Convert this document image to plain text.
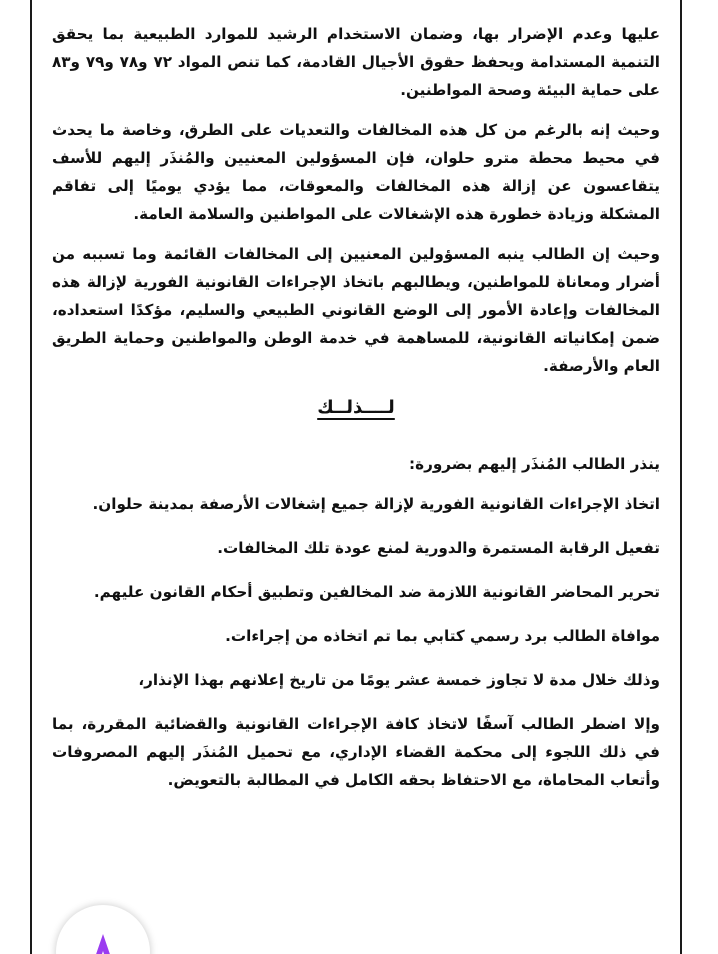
عليها وعدم الإضرار بها، وضمان الاستخدام الرشيد للموارد الطبيعية بما يحقق التنمية المستدامة ويحفظ حقوق الأجيال القادمة، كما تنص المواد ٧٢ و٧٨ و٧٩ و٨٣ على حماية البيئة وصحة المواطنين.

وحيث إنه بالرغم من كل هذه المخالفات والتعديات على الطرق، وخاصة ما يحدث في محيط محطة مترو حلوان، فإن المسؤولين المعنيين والمُنذَر إليهم للأسف يتقاعسون عن إزالة هذه المخالفات والمعوقات، مما يؤدي يوميًا إلى تفاقم المشكلة وزيادة خطورة هذه الإشغالات على المواطنين والسلامة العامة.

وحيث إن الطالب ينبه المسؤولين المعنيين إلى المخالفات القائمة وما تسببه من أضرار ومعاناة للمواطنين، ويطالبهم باتخاذ الإجراءات القانونية الفورية لإزالة هذه المخالفات وإعادة الأمور إلى الوضع القانوني الطبيعي والسليم، مؤكدًا استعداده، ضمن إمكانياته القانونية، للمساهمة في خدمة الوطن والمواطنين وحماية الطريق العام والأرصفة.

لــــذلــك

ينذر الطالب المُنذَر إليهم بضرورة:

اتخاذ الإجراءات القانونية الفورية لإزالة جميع إشغالات الأرصفة بمدينة حلوان.

تفعيل الرقابة المستمرة والدورية لمنع عودة تلك المخالفات.

تحرير المحاضر القانونية اللازمة ضد المخالفين وتطبيق أحكام القانون عليهم.

موافاة الطالب برد رسمي كتابي بما تم اتخاذه من إجراءات.

وذلك خلال مدة لا تجاوز خمسة عشر يومًا من تاريخ إعلانهم بهذا الإنذار،

وإلا اضطر الطالب آسفًا لاتخاذ كافة الإجراءات القانونية والقضائية المقررة، بما في ذلك اللجوء إلى محكمة القضاء الإداري، مع تحميل المُنذَر إليهم المصروفات وأتعاب المحاماة، مع الاحتفاظ بحقه الكامل في المطالبة بالتعويض.
